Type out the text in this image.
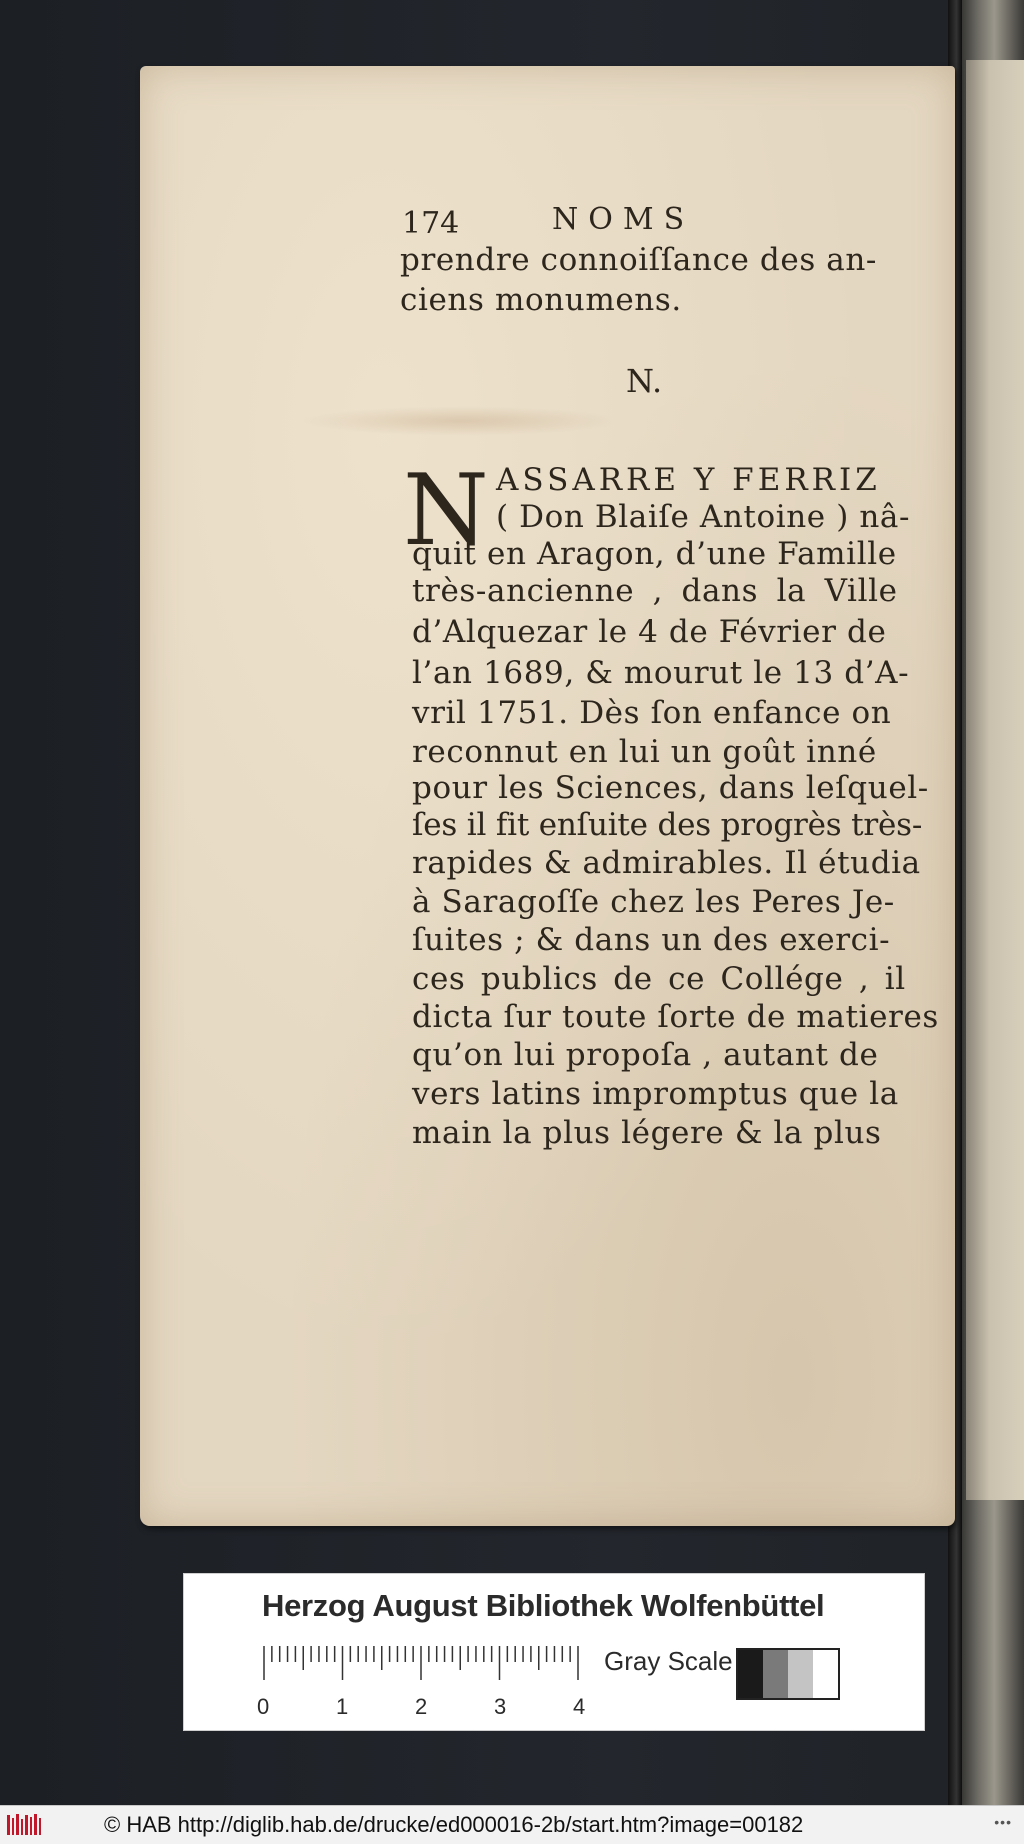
174	NOMS
prendre connoiſſance des an-
ciens monumens.
N.
N ASSARRE Y FERRIZ
( Don Blaiſe Antoine ) nâ-
quit en Aragon, d’une Famille
très-ancienne , dans la Ville
d’Alquezar le 4 de Février de
l’an 1689, & mourut le 13 d’A-
vril 1751. Dès ſon enfance on
reconnut en lui un goût inné
pour les Sciences, dans leſquel-
ſes il fit enſuite des progrès très-
rapides & admirables. Il étudia
à Saragoſſe chez les Peres Je-
ſuites ; & dans un des exerci-
ces publics de ce Collége , il
dicta ſur toute ſorte de matieres
qu’on lui propoſa , autant de
vers latins impromptus que la
main la plus légere & la plus
Herzog August Bibliothek Wolfenbüttel
Gray Scale
0	1	2	3	4
© HAB http://diglib.hab.de/drucke/ed000016-2b/start.htm?image=00182	•••
